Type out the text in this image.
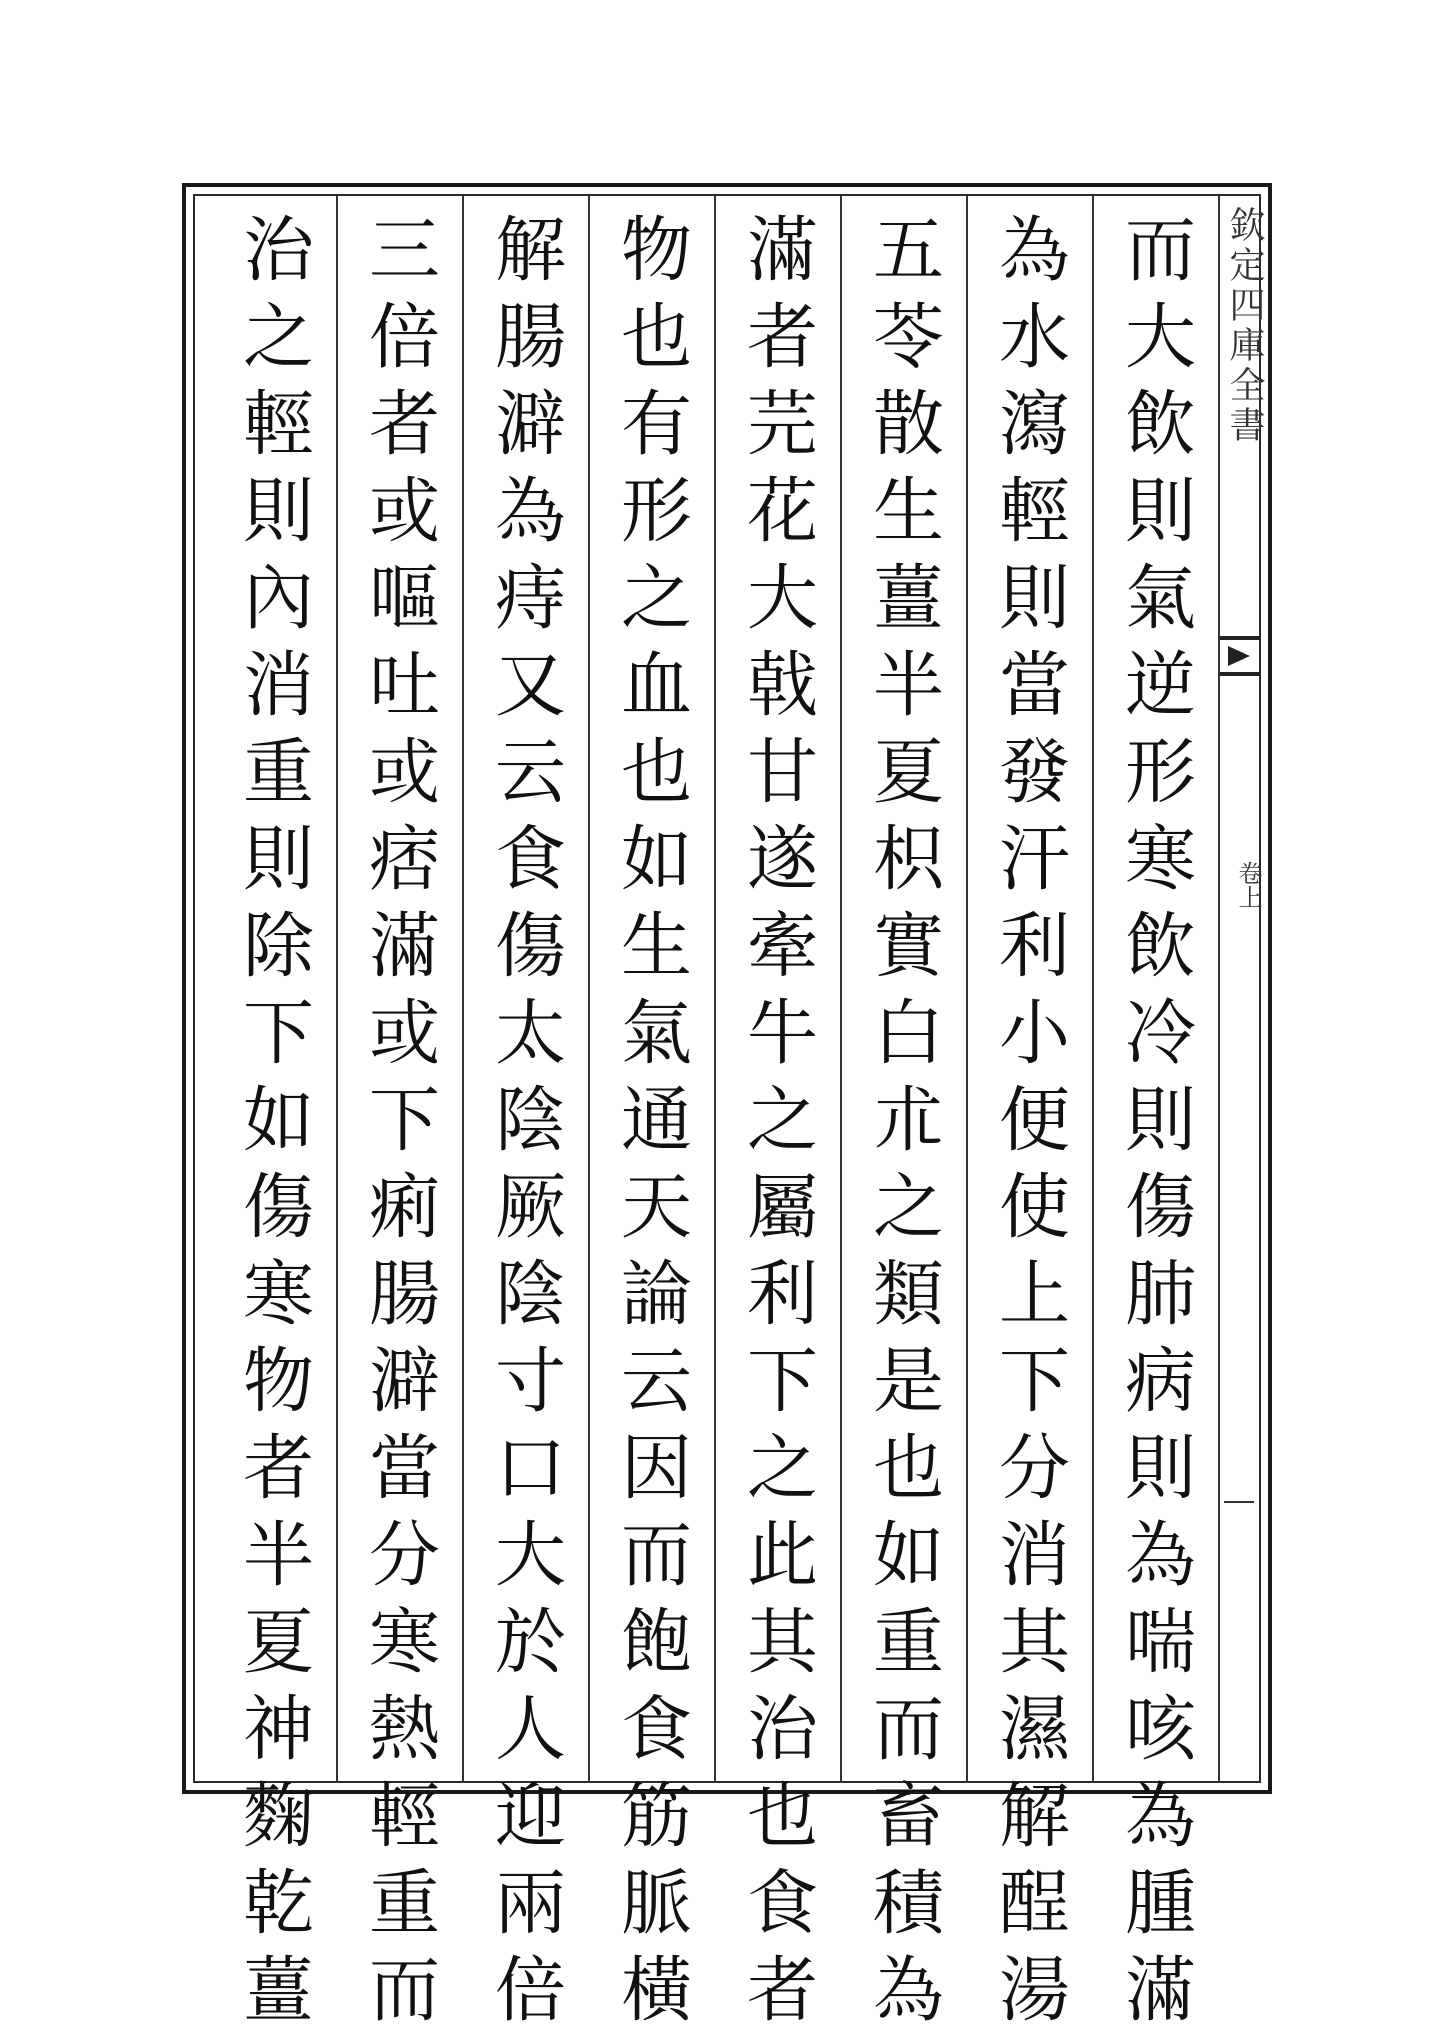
欽定四庫全書
卷上
而大飲則氣逆形寒飲冷則傷肺病則為喘咳為腫滿
為水瀉輕則當發汗利小便使上下分消其濕解酲湯
五苓散生薑半夏枳實白朮之類是也如重而畜積為
滿者芫花大戟甘遂牽牛之屬利下之此其治也食者
物也有形之血也如生氣通天論云因而飽食筋脈橫
解腸澼為痔又云食傷太陰厥陰寸口大於人迎兩倍
三倍者或嘔吐或痞滿或下痢腸澼當分寒熱輕重而
治之輕則內消重則除下如傷寒物者半夏神麴乾薑
